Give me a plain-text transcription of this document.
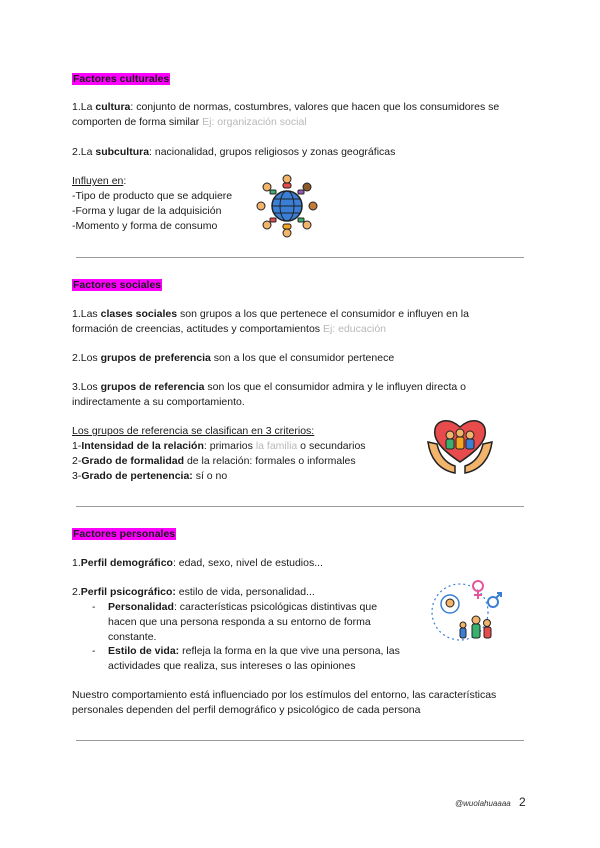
Factores culturales
1.La cultura: conjunto de normas, costumbres, valores que hacen que los consumidores se
comporten de forma similar Ej: organización social
2.La subcultura: nacionalidad, grupos religiosos y zonas geográficas
Influyen en:
-Tipo de producto que se adquiere
-Forma y lugar de la adquisición
-Momento y forma de consumo
Factores sociales
1.Las clases sociales son grupos a los que pertenece el consumidor e influyen en la
formación de creencias, actitudes y comportamientos Ej: educación
2.Los grupos de preferencia son a los que el consumidor pertenece
3.Los grupos de referencia son los que el consumidor admira y le influyen directa o
indirectamente a su comportamiento.
Los grupos de referencia se clasifican en 3 criterios:
1-Intensidad de la relación: primarios la familia o secundarios
2-Grado de formalidad de la relación: formales o informales
3-Grado de pertenencia: sí o no
Factores personales
1.Perfil demográfico: edad, sexo, nivel de estudios...
2.Perfil psicográfico: estilo de vida, personalidad...
- Personalidad: características psicológicas distintivas que
hacen que una persona responda a su entorno de forma
constante.
- Estilo de vida: refleja la forma en la que vive una persona, las
actividades que realiza, sus intereses o las opiniones
Nuestro comportamiento está influenciado por los estímulos del entorno, las características
personales dependen del perfil demográfico y psicológico de cada persona
@wuolahuaaaa 2
